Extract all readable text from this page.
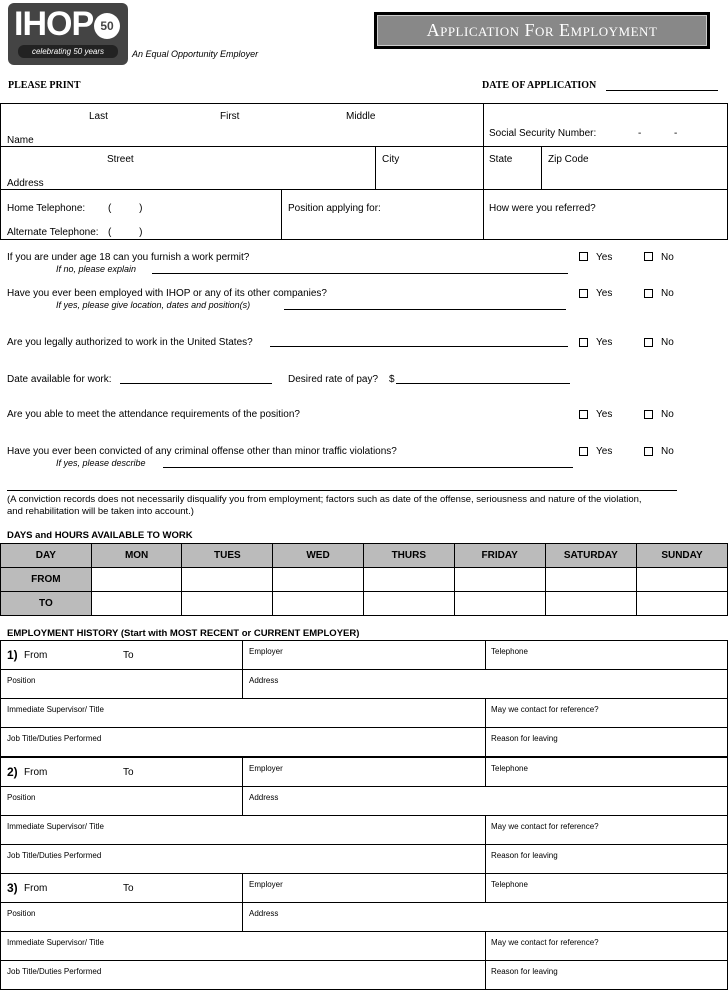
IHOP 50
celebrating 50 years	An Equal Opportunity Employer
Application For Employment
PLEASE PRINT	DATE OF APPLICATION
Last	First	Middle
Name
Social Security Number:	-	-
Street
Address
City	State	Zip Code
Home Telephone: (          )
Alternate Telephone: (          )
Position applying for:	How were you referred?
If you are under age 18 can you furnish a work permit?
If no, please explain
Yes	No
Have you ever been employed with IHOP or any of its other companies?
If yes, please give location, dates and position(s)
Yes	No
Are you legally authorized to work in the United States?	Yes	No
Date available for work:	Desired rate of pay? $
Are you able to meet the attendance requirements of the position?	Yes	No
Have you ever been convicted of any criminal offense other than minor traffic violations?
If yes, please describe
Yes	No
(A conviction records does not necessarily disqualify you from employment; factors such as date of the offense, seriousness and nature of the violation,
and rehabilitation will be taken into account.)
DAYS and HOURS AVAILABLE TO WORK
DAY	MON	TUES	WED	THURS	FRIDAY	SATURDAY	SUNDAY
FROM							
TO							
EMPLOYMENT HISTORY (Start with MOST RECENT or CURRENT EMPLOYER)
1) From	To	Employer	Telephone
Position	Address
Immediate Supervisor/ Title	May we contact for reference?
Job Title/Duties Performed	Reason for leaving
2) From	To	Employer	Telephone
Position	Address
Immediate Supervisor/ Title	May we contact for reference?
Job Title/Duties Performed	Reason for leaving
3) From	To	Employer	Telephone
Position	Address
Immediate Supervisor/ Title	May we contact for reference?
Job Title/Duties Performed	Reason for leaving
